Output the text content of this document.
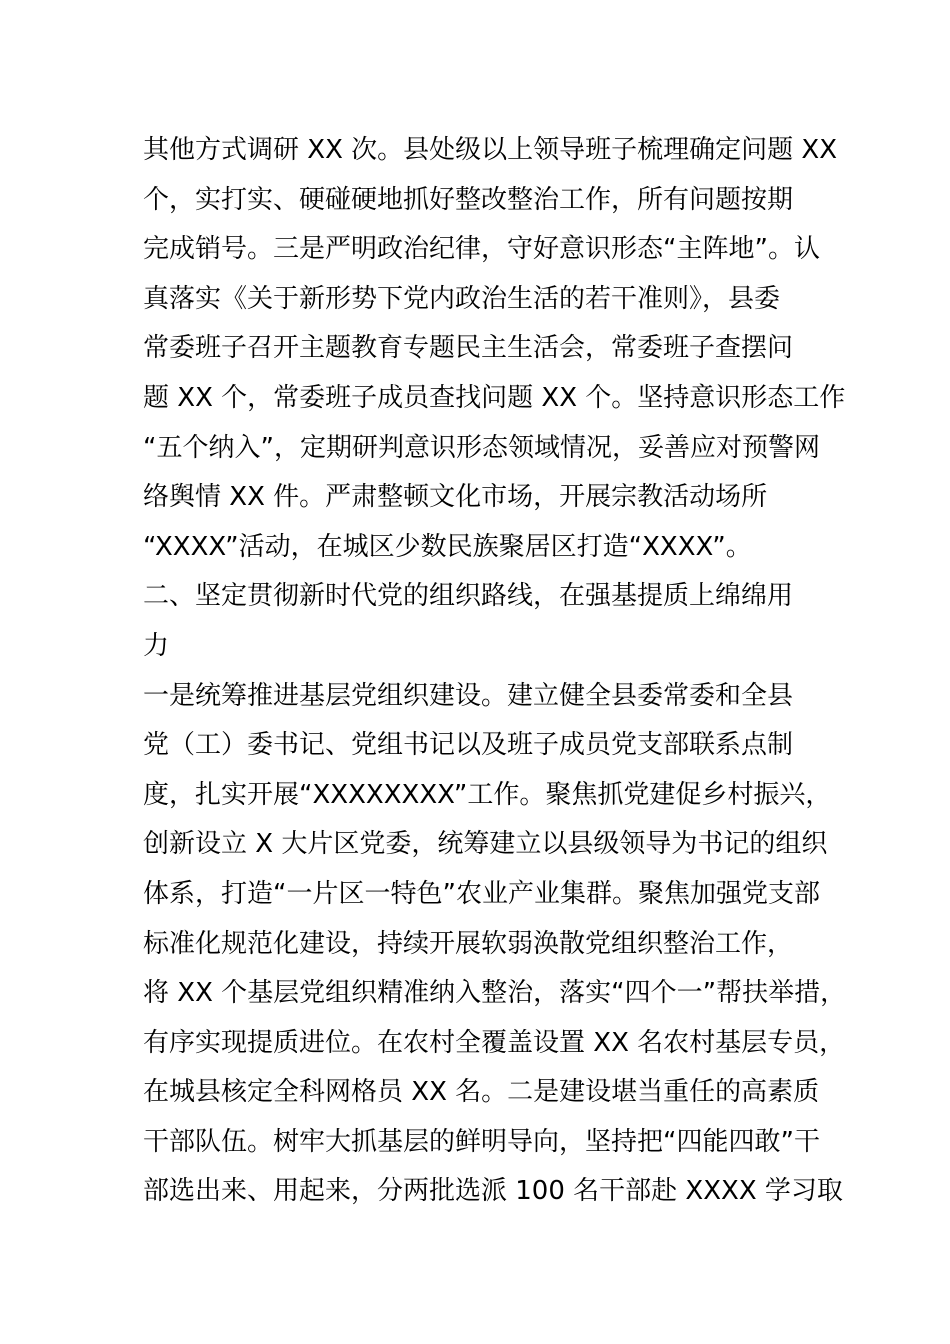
其他方式调研 XX 次。县处级以上领导班子梳理确定问题 XX
个，实打实、硬碰硬地抓好整改整治工作，所有问题按期
完成销号。三是严明政治纪律，守好意识形态“主阵地”。认
真落实《关于新形势下党内政治生活的若干准则》，县委
常委班子召开主题教育专题民主生活会，常委班子查摆问
题 XX 个，常委班子成员查找问题 XX 个。坚持意识形态工作
“五个纳入”，定期研判意识形态领域情况，妥善应对预警网
络舆情 XX 件。严肃整顿文化市场，开展宗教活动场所
“XXXX”活动，在城区少数民族聚居区打造“XXXX”。
二、坚定贯彻新时代党的组织路线，在强基提质上绵绵用
力
一是统筹推进基层党组织建设。建立健全县委常委和全县
党（工）委书记、党组书记以及班子成员党支部联系点制
度，扎实开展“XXXXXXXX”工作。聚焦抓党建促乡村振兴，
创新设立 X 大片区党委，统筹建立以县级领导为书记的组织
体系，打造“一片区一特色”农业产业集群。聚焦加强党支部
标准化规范化建设，持续开展软弱涣散党组织整治工作，
将 XX 个基层党组织精准纳入整治，落实“四个一”帮扶举措，
有序实现提质进位。在农村全覆盖设置 XX 名农村基层专员，
在城县核定全科网格员 XX 名。二是建设堪当重任的高素质
干部队伍。树牢大抓基层的鲜明导向，坚持把“四能四敢”干
部选出来、用起来，分两批选派 100 名干部赴 XXXX 学习取
